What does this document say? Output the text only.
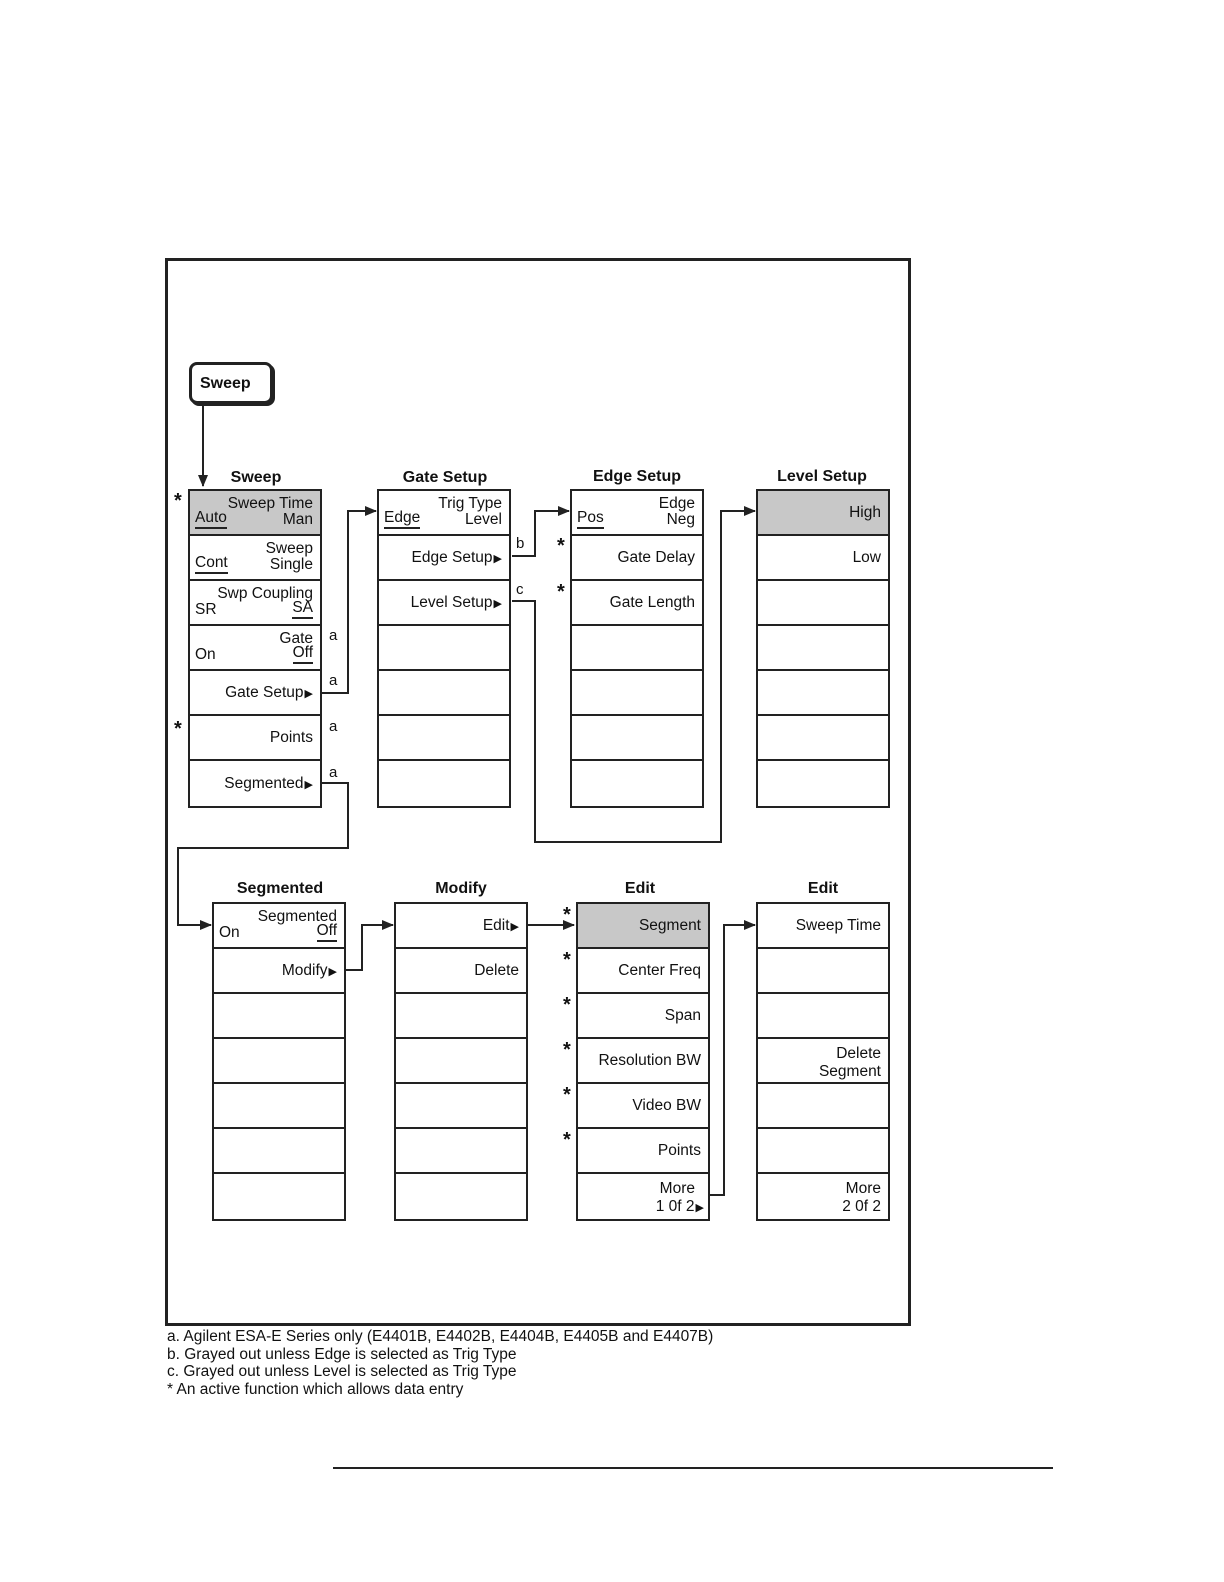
Sweep
Sweep
Sweep Time
Auto	Man
Sweep
Cont	Single
Swp Coupling
SR	SA
Gate
On	Off
Gate Setup▶
Points
Segmented▶
*
*
a
a
a
a
Gate Setup
Trig Type
Edge	Level
Edge Setup▶
Level Setup▶
b
c
Edge Setup
Edge
Pos	Neg
Gate Delay
Gate Length
*
*
Level Setup
High
Low
Segmented
Segmented
On	Off
Modify▶
Modify
Edit▶
Delete
Edit
Segment
Center Freq
Span
Resolution BW
Video BW
Points
More
1 0f 2▶
*
*
*
*
*
*
Edit
Sweep Time
Delete
Segment
More
2 0f 2
a. Agilent ESA-E Series only (E4401B, E4402B, E4404B, E4405B and E4407B)
b. Grayed out unless Edge is selected as Trig Type
c. Grayed out unless Level is selected as Trig Type
* An active function which allows data entry
